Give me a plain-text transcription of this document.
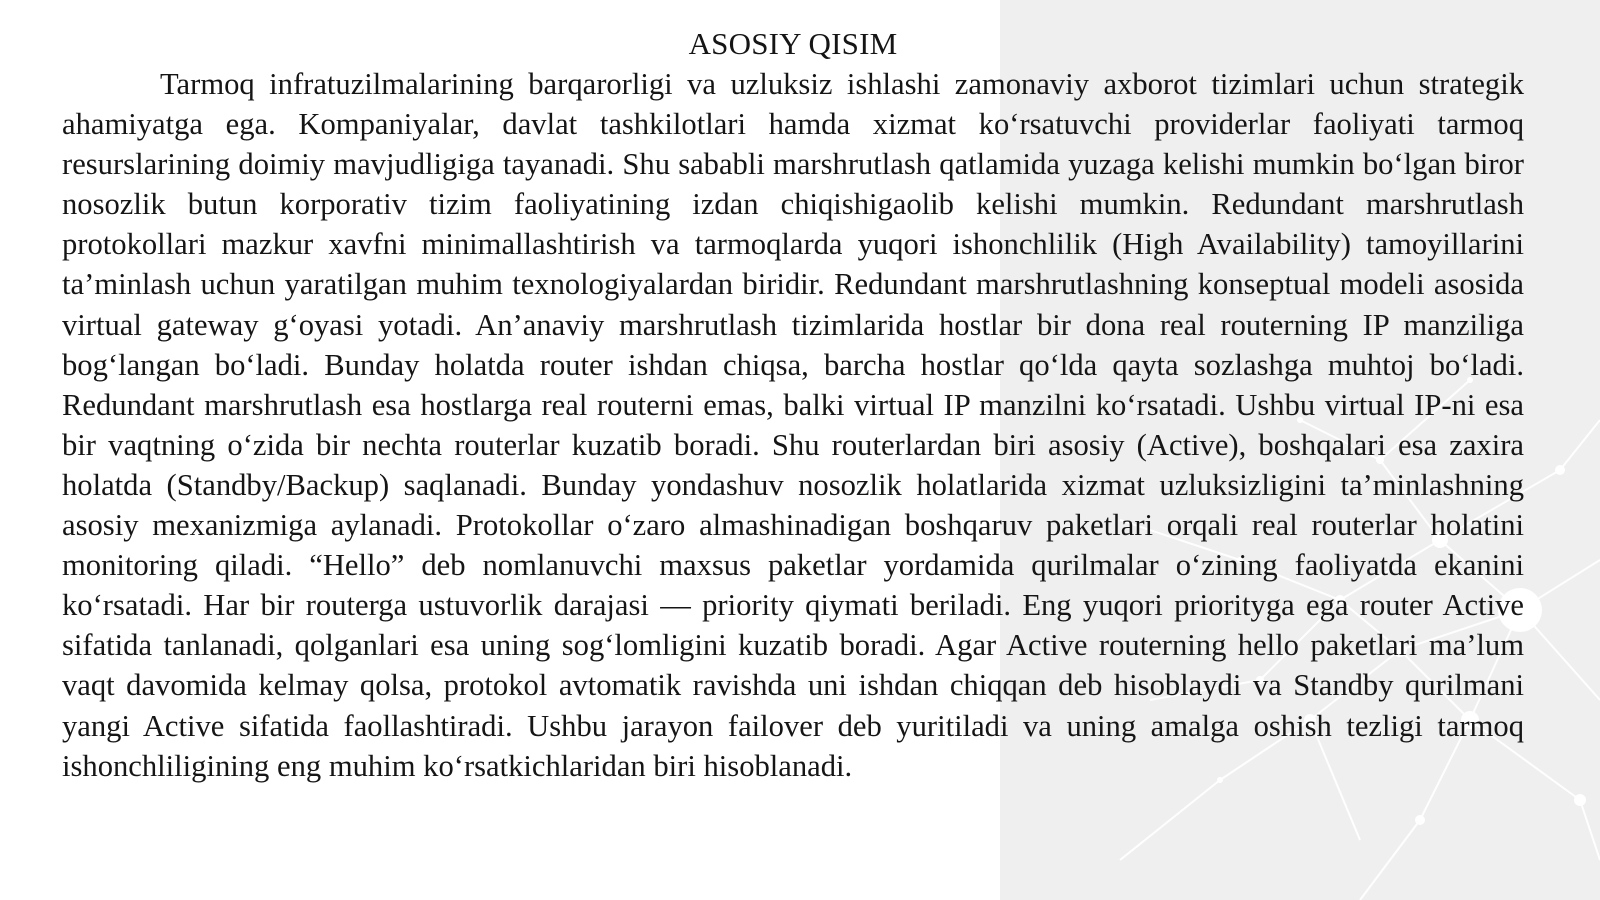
ASOSIY QISIM

Tarmoq infratuzilmalarining barqarorligi va uzluksiz ishlashi zamonaviy axborot tizimlari uchun strategik ahamiyatga ega. Kompaniyalar, davlat tashkilotlari hamda xizmat ko‘rsatuvchi providerlar faoliyati tarmoq resurslarining doimiy mavjudligiga tayanadi. Shu sababli marshrutlash qatlamida yuzaga kelishi mumkin bo‘lgan biror nosozlik butun korporativ tizim faoliyatining izdan chiqishigaolib kelishi mumkin. Redundant marshrutlash protokollari mazkur xavfni minimallashtirish va tarmoqlarda yuqori ishonchlilik (High Availability) tamoyillarini ta’minlash uchun yaratilgan muhim texnologiyalardan biridir. Redundant marshrutlashning konseptual modeli asosida virtual gateway g‘oyasi yotadi. An’anaviy marshrutlash tizimlarida hostlar bir dona real routerning IP manziliga bog‘langan bo‘ladi. Bunday holatda router ishdan chiqsa, barcha hostlar qo‘lda qayta sozlashga muhtoj bo‘ladi. Redundant marshrutlash esa hostlarga real routerni emas, balki virtual IP manzilni ko‘rsatadi. Ushbu virtual IP-ni esa bir vaqtning o‘zida bir nechta routerlar kuzatib boradi. Shu routerlardan biri asosiy (Active), boshqalari esa zaxira holatda (Standby/Backup) saqlanadi. Bunday yondashuv nosozlik holatlarida xizmat uzluksizligini ta’minlashning asosiy mexanizmiga aylanadi. Protokollar o‘zaro almashinadigan boshqaruv paketlari orqali real routerlar holatini monitoring qiladi. “Hello” deb nomlanuvchi maxsus paketlar yordamida qurilmalar o‘zining faoliyatda ekanini ko‘rsatadi. Har bir routerga ustuvorlik darajasi — priority qiymati beriladi. Eng yuqori priorityga ega router Active sifatida tanlanadi, qolganlari esa uning sog‘lomligini kuzatib boradi. Agar Active routerning hello paketlari ma’lum vaqt davomida kelmay qolsa, protokol avtomatik ravishda uni ishdan chiqqan deb hisoblaydi va Standby qurilmani yangi Active sifatida faollashtiradi. Ushbu jarayon failover deb yuritiladi va uning amalga oshish tezligi tarmoq ishonchliligining eng muhim ko‘rsatkichlaridan biri hisoblanadi.
